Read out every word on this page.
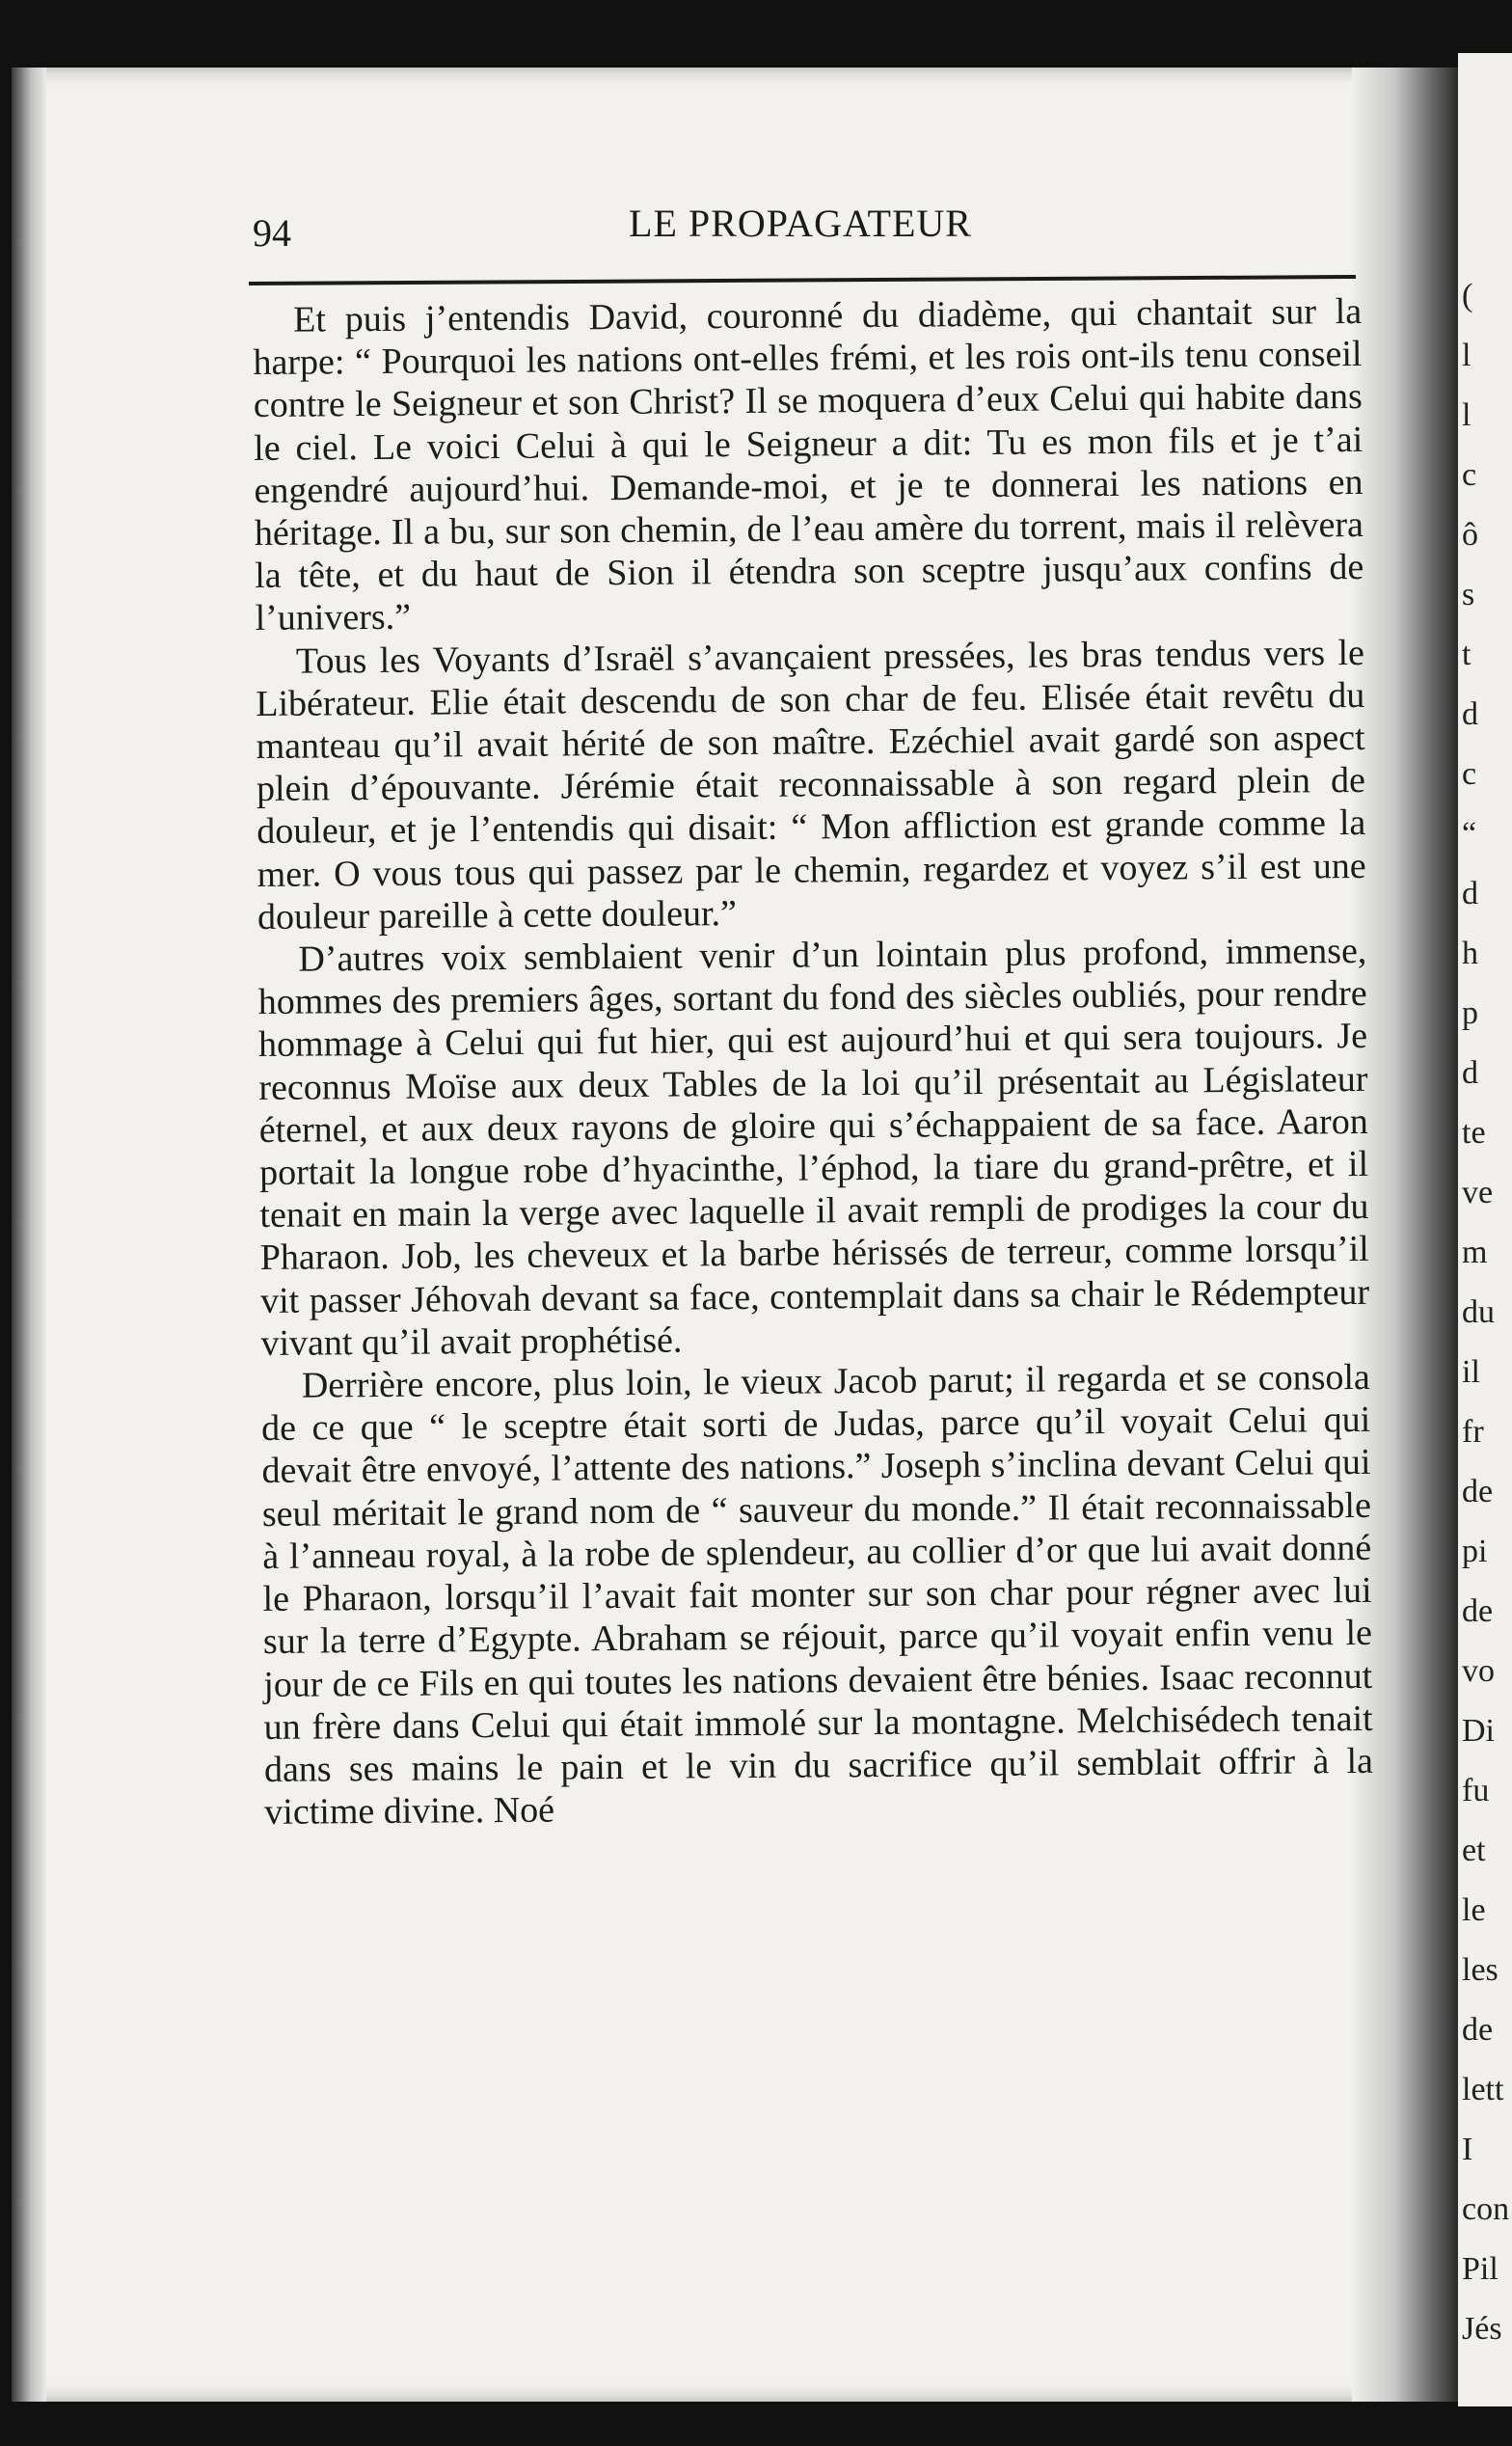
(
l
l
c
ô
s
t
d
c
“
d
h
p
d
te
ve
m
du
il
fr
de
pi
de
vo
Di
fu
et
le
les
de
lett
I
con
Pil
Jés
94	LE PROPAGATEUR

Et puis j’entendis David, couronné du diadème, qui chantait sur la harpe: “ Pourquoi les nations ont-elles frémi, et les rois ont-ils tenu conseil contre le Seigneur et son Christ? Il se moquera d’eux Celui qui habite dans le ciel. Le voici Celui à qui le Seigneur a dit: Tu es mon fils et je t’ai engendré aujourd’hui. Demande-moi, et je te donnerai les nations en héritage. Il a bu, sur son chemin, de l’eau amère du torrent, mais il relèvera la tête, et du haut de Sion il étendra son sceptre jusqu’aux confins de l’univers.”

Tous les Voyants d’Israël s’avançaient pressées, les bras tendus vers le Libérateur. Elie était descendu de son char de feu. Elisée était revêtu du manteau qu’il avait hérité de son maître. Ezéchiel avait gardé son aspect plein d’épouvante. Jérémie était reconnaissable à son regard plein de douleur, et je l’entendis qui disait: “ Mon affliction est grande comme la mer. O vous tous qui passez par le chemin, regardez et voyez s’il est une douleur pareille à cette douleur.”

D’autres voix semblaient venir d’un lointain plus profond, immense, hommes des premiers âges, sortant du fond des siècles oubliés, pour rendre hommage à Celui qui fut hier, qui est aujourd’hui et qui sera toujours. Je reconnus Moïse aux deux Tables de la loi qu’il présentait au Législateur éternel, et aux deux rayons de gloire qui s’échappaient de sa face. Aaron portait la longue robe d’hyacinthe, l’éphod, la tiare du grand-prêtre, et il tenait en main la verge avec laquelle il avait rempli de prodiges la cour du Pharaon. Job, les cheveux et la barbe hérissés de terreur, comme lorsqu’il vit passer Jéhovah devant sa face, contemplait dans sa chair le Rédempteur vivant qu’il avait prophétisé.

Derrière encore, plus loin, le vieux Jacob parut; il regarda et se consola de ce que “ le sceptre était sorti de Judas, parce qu’il voyait Celui qui devait être envoyé, l’attente des nations.” Joseph s’inclina devant Celui qui seul méritait le grand nom de “ sauveur du monde.” Il était reconnaissable à l’anneau royal, à la robe de splendeur, au collier d’or que lui avait donné le Pharaon, lorsqu’il l’avait fait monter sur son char pour régner avec lui sur la terre d’Egypte. Abraham se réjouit, parce qu’il voyait enfin venu le jour de ce Fils en qui toutes les nations devaient être bénies. Isaac reconnut un frère dans Celui qui était immolé sur la montagne. Melchisédech tenait dans ses mains le pain et le vin du sacrifice qu’il semblait offrir à la victime divine. Noé
